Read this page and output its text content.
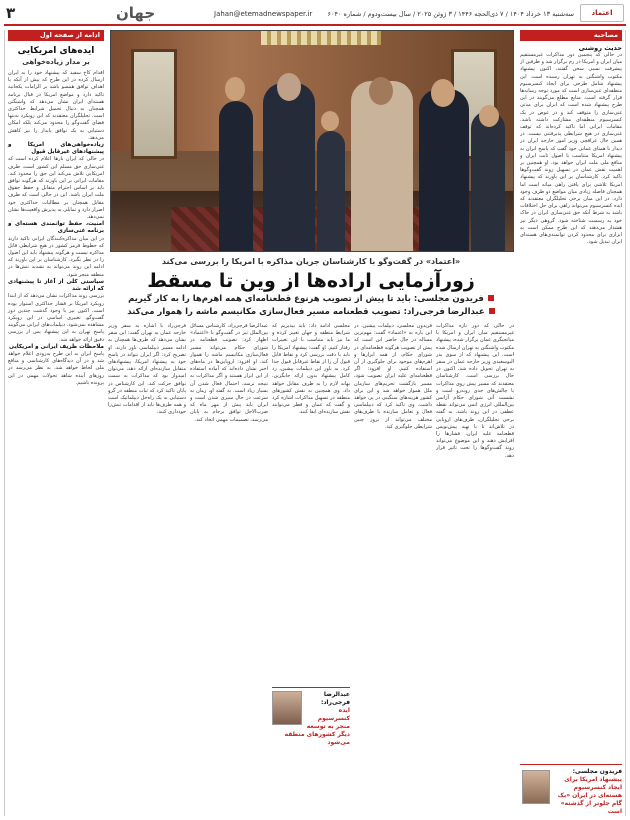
اعتماد
سه‌شنبه ۱۳ خرداد ۱۴۰۴ / ۷ ذی‌الحجه ۱۴۴۶ / ۳ ژوئن ۲۰۲۵ / سال بیست‌ودوم / شماره ۶۰۴۰
Jahan@etemadnewspaper.ir
جهان
۳
ادامه از صفحه اول
ایده‌های امریکایی
بر مدار زیاده‌خواهی

اقدام کاخ سفید که پیشنهاد خود را به ایران ارسال کرده در این طرح که بیش از آنکه با اهداف توافق همسو باشد بر الزامات یکجانبه تاکید دارد و مواضع امریکا در قبال برنامه هسته‌ای ایران نشان می‌دهد که واشنگتن همچنان به دنبال تحمیل شرایط حداکثری است. تحلیلگران معتقدند که این رویکرد نه‌تنها فضای گفت‌وگو را محدود می‌کند بلکه امکان دستیابی به یک توافق پایدار را نیز کاهش می‌دهد.

زیاده‌خواهی‌های امریکا و پیشنهادهای غیرقابل قبول

در حالی که ایران بارها اعلام کرده است که غنی‌سازی حق مسلم این کشور است، طرف امریکایی تلاش می‌کند این حق را محدود کند. مقامات ایرانی بر این باورند که هرگونه توافق باید بر اساس احترام متقابل و حفظ حقوق ملت ایران باشد. این در حالی است که طرف مقابل همچنان بر مطالبات حداکثری خود اصرار دارد و تمایلی به پذیرش واقعیت‌ها نشان نمی‌دهد.

امنیت، حفظ توانمندی هسته‌ای و برنامه غنی‌سازی

در این میان مذاکره‌کنندگان ایرانی تاکید دارند که خطوط قرمز کشور در هیچ شرایطی قابل مذاکره نیست و هرگونه پیشنهاد باید این اصول را در نظر بگیرد. کارشناسان بر این باورند که ادامه این روند می‌تواند به تشدید تنش‌ها در منطقه منجر شود.

سیاستی کلی از آغاز تا پیشنهادی که ارائه شد

بررسی روند مذاکرات نشان می‌دهد که از ابتدا رویکرد امریکا بر فشار حداکثری استوار بوده است. اکنون نیز با وجود گذشت چندین دور گفت‌وگو، تغییری اساسی در این رویکرد مشاهده نمی‌شود. دیپلمات‌های ایرانی می‌گویند پاسخ تهران به این پیشنهاد پس از بررسی دقیق ارائه خواهد شد.

ملاحظات ظریف ایرانی و امریکایی

پاسخ ایران به این طرح به‌زودی اعلام خواهد شد و در آن دیدگاه‌های کارشناسی و منافع ملی لحاظ خواهد شد. به نظر می‌رسد در روزهای آینده شاهد تحولات مهمی در این پرونده باشیم.

«اعتماد» در گفت‌وگو با کارشناسان جریان مذاکره با امریکا را بررسی می‌کند
زورآزمایی اراده‌ها از وین تا مسقط
فریدون مجلسی: باید تا پیش از تصویب هرنوع قطعنامه‌ای همه اهرم‌ها را به کار گیریم
عبدالرضا فرجی‌راد: تصویب قطعنامه مسیر فعال‌سازی مکانیسم ماشه را هموار می‌کند

در حالی که دور تازه مذاکرات غیرمستقیم میان ایران و امریکا با میانجیگری عمان برگزار شده، پیشنهاد مکتوب واشنگتن به تهران ارسال شده است. این پیشنهاد که از سوی بدر البوسعیدی وزیر خارجه عمان در سفر به تهران تحویل داده شد، اکنون در حال بررسی است. کارشناسان معتقدند که مسیر پیش روی مذاکرات با چالش‌های جدی روبه‌رو است و نشست آتی شورای حکام آژانس بین‌المللی انرژی اتمی می‌تواند نقطه عطفی در این روند باشد. به گفته برخی تحلیلگران، طرف‌های اروپایی در تلاش‌اند تا با تهیه پیش‌نویس قطعنامه علیه ایران، فشارها را افزایش دهند و این موضوع می‌تواند روند گفت‌وگوها را تحت تاثیر قرار دهد.

فریدون مجلسی، دیپلمات پیشین، در این باره به «اعتماد» گفت: مهم‌ترین مساله در حال حاضر این است که پیش از تصویب هرگونه قطعنامه‌ای در شورای حکام، از همه ابزارها و اهرم‌های موجود برای جلوگیری از آن استفاده کنیم. او افزود: اگر قطعنامه‌ای علیه ایران تصویب شود، مسیر بازگشت تحریم‌های سازمان ملل هموار خواهد شد و این برای کشور هزینه‌های سنگینی در پی خواهد داشت. وی تاکید کرد که دیپلماسی فعال و تعامل سازنده با طرف‌های مختلف می‌تواند از بروز چنین شرایطی جلوگیری کند.

مجلسی ادامه داد: باید بپذیریم که شرایط منطقه و جهان تغییر کرده و ما نیز باید متناسب با این تغییرات رفتار کنیم. او گفت: پیشنهاد امریکا را باید با دقت بررسی کرد و نقاط قابل قبول آن را از نقاط غیرقابل قبول جدا کرد. به باور این دیپلمات پیشین، رد کامل پیشنهاد بدون ارائه جایگزین، بهانه لازم را به طرف مقابل خواهد داد. وی همچنین به نقش کشورهای منطقه در تسهیل مذاکرات اشاره کرد و گفت که عمان و قطر می‌توانند نقش سازنده‌ای ایفا کنند.

عبدالرضا فرجی‌راد:
ایده کنسرسیوم منجر به توسعه دیگر کشورهای منطقه می‌شود

عبدالرضا فرجی‌راد، کارشناس مسائل بین‌الملل نیز در گفت‌وگو با «اعتماد» اظهار کرد: تصویب قطعنامه در شورای حکام می‌تواند مسیر فعال‌سازی مکانیسم ماشه را هموار کند. او افزود: اروپایی‌ها در ماه‌های اخیر نشان داده‌اند که آماده استفاده از این ابزار هستند و اگر مذاکرات به نتیجه نرسد، احتمال فعال شدن آن بسیار زیاد است. به گفته او، زمان به سرعت در حال سپری شدن است و ایران باید پیش از مهر ماه که ضرب‌الاجل توافق برجام به پایان می‌رسد، تصمیمات مهمی اتخاذ کند.

فرجی‌راد با اشاره به سفر وزیر خارجه عمان به تهران گفت: این سفر نشان می‌دهد که طرف‌ها همچنان به ادامه مسیر دیپلماسی باور دارند. او تصریح کرد: اگر ایران بتواند در پاسخ خود به پیشنهاد امریکا، پیشنهادهای متقابل سازنده‌ای ارائه دهد، می‌توان امیدوار بود که مذاکرات به سمت توافق حرکت کند. این کارشناس در پایان تاکید کرد که ثبات منطقه در گرو دستیابی به یک راه‌حل دیپلماتیک است و همه طرف‌ها باید از اقدامات تنش‌زا خودداری کنند.

مصاحبه
حدیث روشنی

در حالی که پنجمین دور مذاکرات غیرمستقیم میان ایران و امریکا در رم برگزار شد و طرفین از پیشرفت نسبی سخن گفتند، اکنون پیشنهاد مکتوب واشنگتن به تهران رسیده است. این پیشنهاد شامل طرحی برای ایجاد کنسرسیوم منطقه‌ای غنی‌سازی است که مورد توجه رسانه‌ها قرار گرفته است. منابع مطلع می‌گویند در این طرح پیشنهاد شده است که ایران برای مدتی غنی‌سازی را متوقف کند و در عوض در یک کنسرسیوم منطقه‌ای مشارکت داشته باشد. مقامات ایرانی اما تاکید کرده‌اند که توقف غنی‌سازی در هیچ شرایطی پذیرفتنی نیست. در همین حال عراقچی وزیر امور خارجه ایران در دیدار با همتای عمانی خود گفت که پاسخ ایران به پیشنهاد امریکا متناسب با اصول ثابت ایران و منافع ملی ملت ایران خواهد بود. او همچنین بر اهمیت نقش عمان در تسهیل روند گفت‌وگوها تاکید کرد. کارشناسان بر این باورند که پیشنهاد امریکا تلاشی برای یافتن راهی میانه است اما همچنان فاصله زیادی میان مواضع دو طرف وجود دارد. در این میان برخی تحلیلگران معتقدند که ایده کنسرسیوم می‌تواند راهی برای حل اختلافات باشد به شرط آنکه حق غنی‌سازی ایران در خاک خود به رسمیت شناخته شود. گروهی دیگر نیز هشدار می‌دهند که این طرح ممکن است به ابزاری برای محدود کردن توانمندی‌های هسته‌ای ایران تبدیل شود.

فریدون مجلسی:
پیشنهاد امریکا برای ایجاد کنسرسیوم هسته‌ای در ایران «یک گام جلوتر از گذشته» است
